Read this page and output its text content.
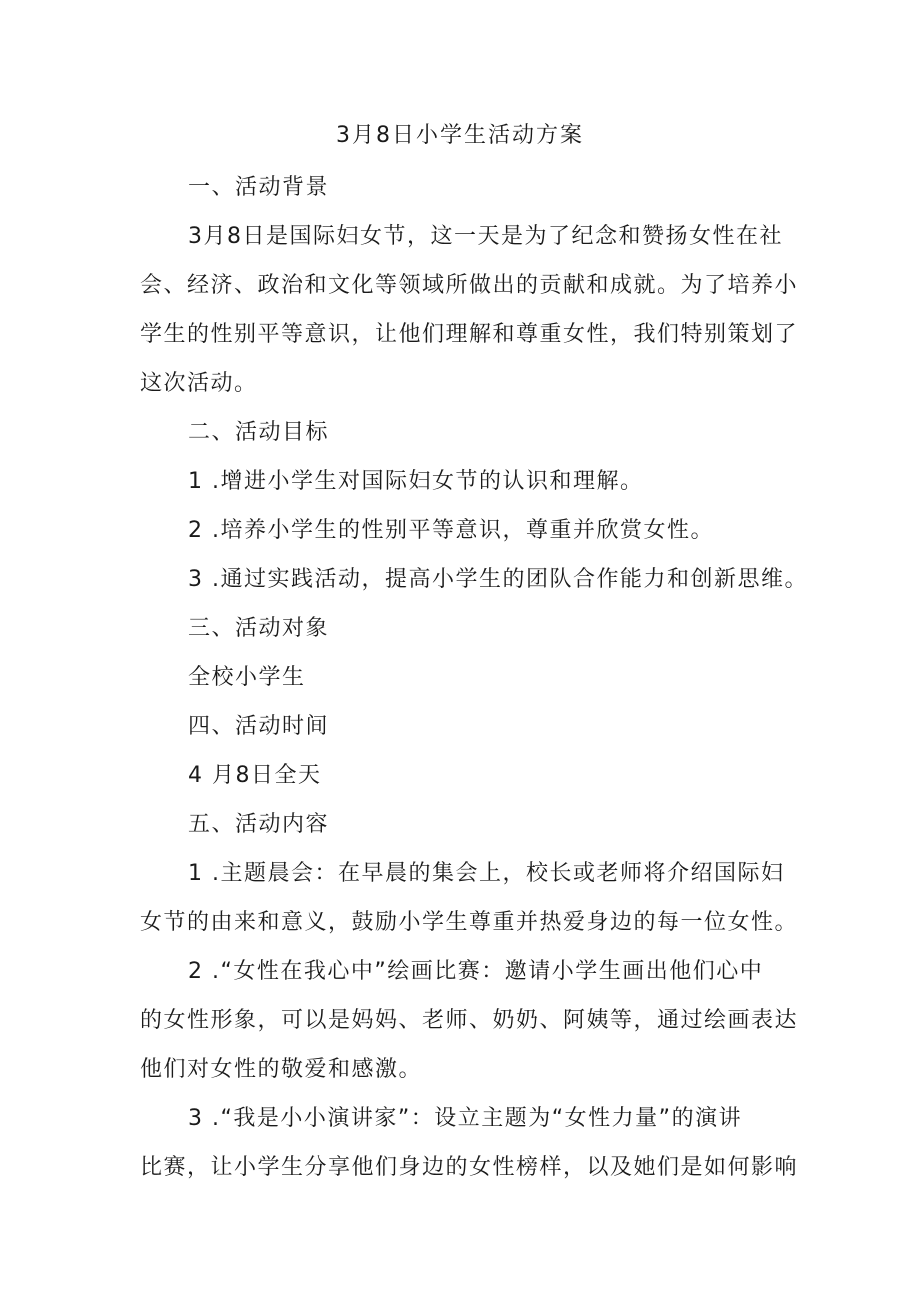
3月8日小学生活动方案
一、活动背景
3月8日是国际妇女节，这一天是为了纪念和赞扬女性在社
会、经济、政治和文化等领域所做出的贡献和成就。为了培养小
学生的性别平等意识，让他们理解和尊重女性，我们特别策划了
这次活动。
二、活动目标
1 .增进小学生对国际妇女节的认识和理解。
2 .培养小学生的性别平等意识，尊重并欣赏女性。
3 .通过实践活动，提高小学生的团队合作能力和创新思维。
三、活动对象
全校小学生
四、活动时间
4 月8日全天
五、活动内容
1 .主题晨会：在早晨的集会上，校长或老师将介绍国际妇
女节的由来和意义，鼓励小学生尊重并热爱身边的每一位女性。
2 .“女性在我心中”绘画比赛：邀请小学生画出他们心中
的女性形象，可以是妈妈、老师、奶奶、阿姨等，通过绘画表达
他们对女性的敬爱和感激。
3 .“我是小小演讲家”：设立主题为“女性力量”的演讲
比赛，让小学生分享他们身边的女性榜样，以及她们是如何影响
